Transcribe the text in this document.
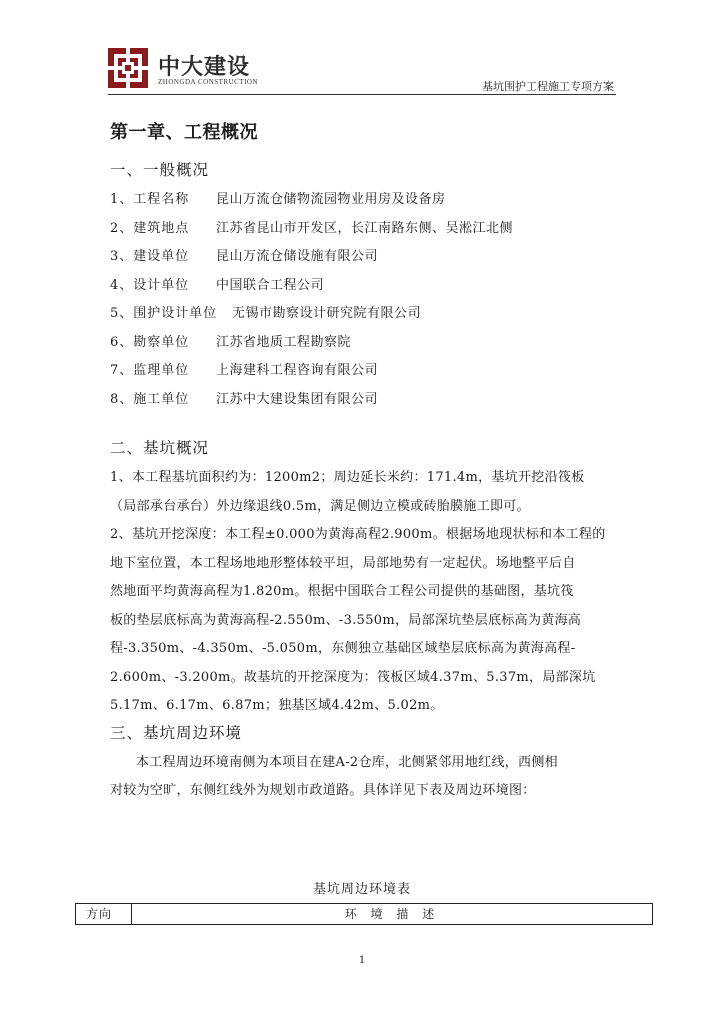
中大建设
ZHONGDA CONSTRUCTION	基坑围护工程施工专项方案
第一章、工程概况
一、一般概况
1、工程名称	昆山万流仓储物流园物业用房及设备房
2、建筑地点	江苏省昆山市开发区，长江南路东侧、吴淞江北侧
3、建设单位	昆山万流仓储设施有限公司
4、设计单位	中国联合工程公司
5、围护设计单位	无锡市勘察设计研究院有限公司
6、勘察单位	江苏省地质工程勘察院
7、监理单位	上海建科工程咨询有限公司
8、施工单位	江苏中大建设集团有限公司
二、基坑概况

1、本工程基坑面积约为：1200m2；周边延长米约：171.4m，基坑开挖沿筏板

（局部承台承台）外边缘退线0.5m，满足侧边立模或砖胎膜施工即可。

2、基坑开挖深度：本工程±0.000为黄海高程2.900m。根据场地现状标和本工程的

地下室位置，本工程场地地形整体较平坦，局部地势有一定起伏。场地整平后自

然地面平均黄海高程为1.820m。根据中国联合工程公司提供的基础图，基坑筏

板的垫层底标高为黄海高程-2.550m、-3.550m，局部深坑垫层底标高为黄海高

程-3.350m、-4.350m、-5.050m，东侧独立基础区域垫层底标高为黄海高程-

2.600m、-3.200m。故基坑的开挖深度为：筏板区域4.37m、5.37m，局部深坑

5.17m、6.17m、6.87m；独基区域4.42m、5.02m。

三、基坑周边环境

本工程周边环境南侧为本项目在建A-2仓库，北侧紧邻用地红线，西侧相

对较为空旷，东侧红线外为规划市政道路。具体详见下表及周边环境图：

基坑周边环境表
方向	环 境 描 述
1
